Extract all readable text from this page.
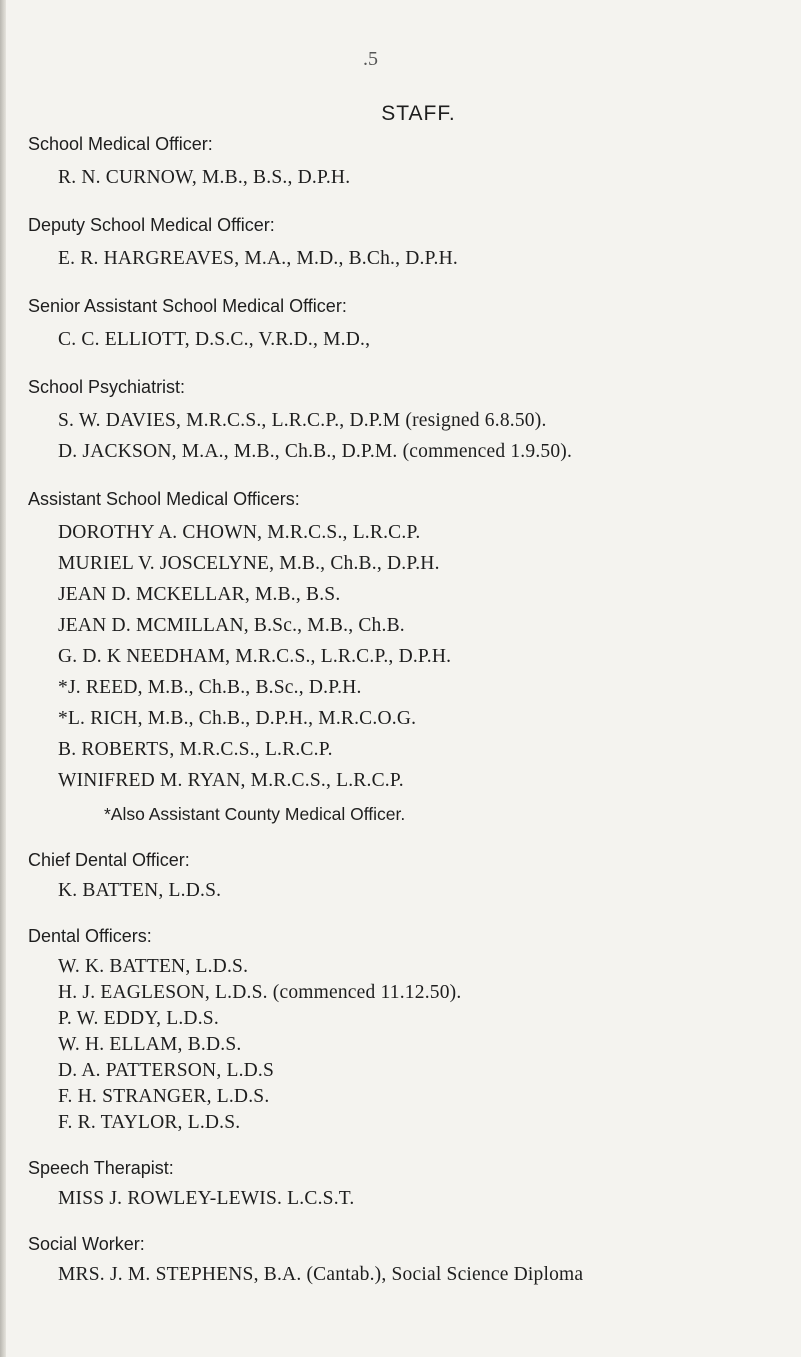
.5
STAFF.
School Medical Officer:
R. N. CURNOW, M.B., B.S., D.P.H.
Deputy School Medical Officer:
E. R. HARGREAVES, M.A., M.D., B.Ch., D.P.H.
Senior Assistant School Medical Officer:
C. C. ELLIOTT, D.S.C., V.R.D., M.D.,
School Psychiatrist:
S. W. DAVIES, M.R.C.S., L.R.C.P., D.P.M (resigned 6.8.50).
D. JACKSON, M.A., M.B., Ch.B., D.P.M. (commenced 1.9.50).
Assistant School Medical Officers:
DOROTHY A. CHOWN, M.R.C.S., L.R.C.P.
MURIEL V. JOSCELYNE, M.B., Ch.B., D.P.H.
JEAN D. MCKELLAR, M.B., B.S.
JEAN D. MCMILLAN, B.Sc., M.B., Ch.B.
G. D. K NEEDHAM, M.R.C.S., L.R.C.P., D.P.H.
*J. REED, M.B., Ch.B., B.Sc., D.P.H.
*L. RICH, M.B., Ch.B., D.P.H., M.R.C.O.G.
B. ROBERTS, M.R.C.S., L.R.C.P.
WINIFRED M. RYAN, M.R.C.S., L.R.C.P.
*Also Assistant County Medical Officer.
Chief Dental Officer:
K. BATTEN, L.D.S.
Dental Officers:
W. K. BATTEN, L.D.S.
H. J. EAGLESON, L.D.S. (commenced 11.12.50).
P. W. EDDY, L.D.S.
W. H. ELLAM, B.D.S.
D. A. PATTERSON, L.D.S
F. H. STRANGER, L.D.S.
F. R. TAYLOR, L.D.S.
Speech Therapist:
MISS J. ROWLEY-LEWIS. L.C.S.T.
Social Worker:
MRS. J. M. STEPHENS, B.A. (Cantab.), Social Science Diploma
